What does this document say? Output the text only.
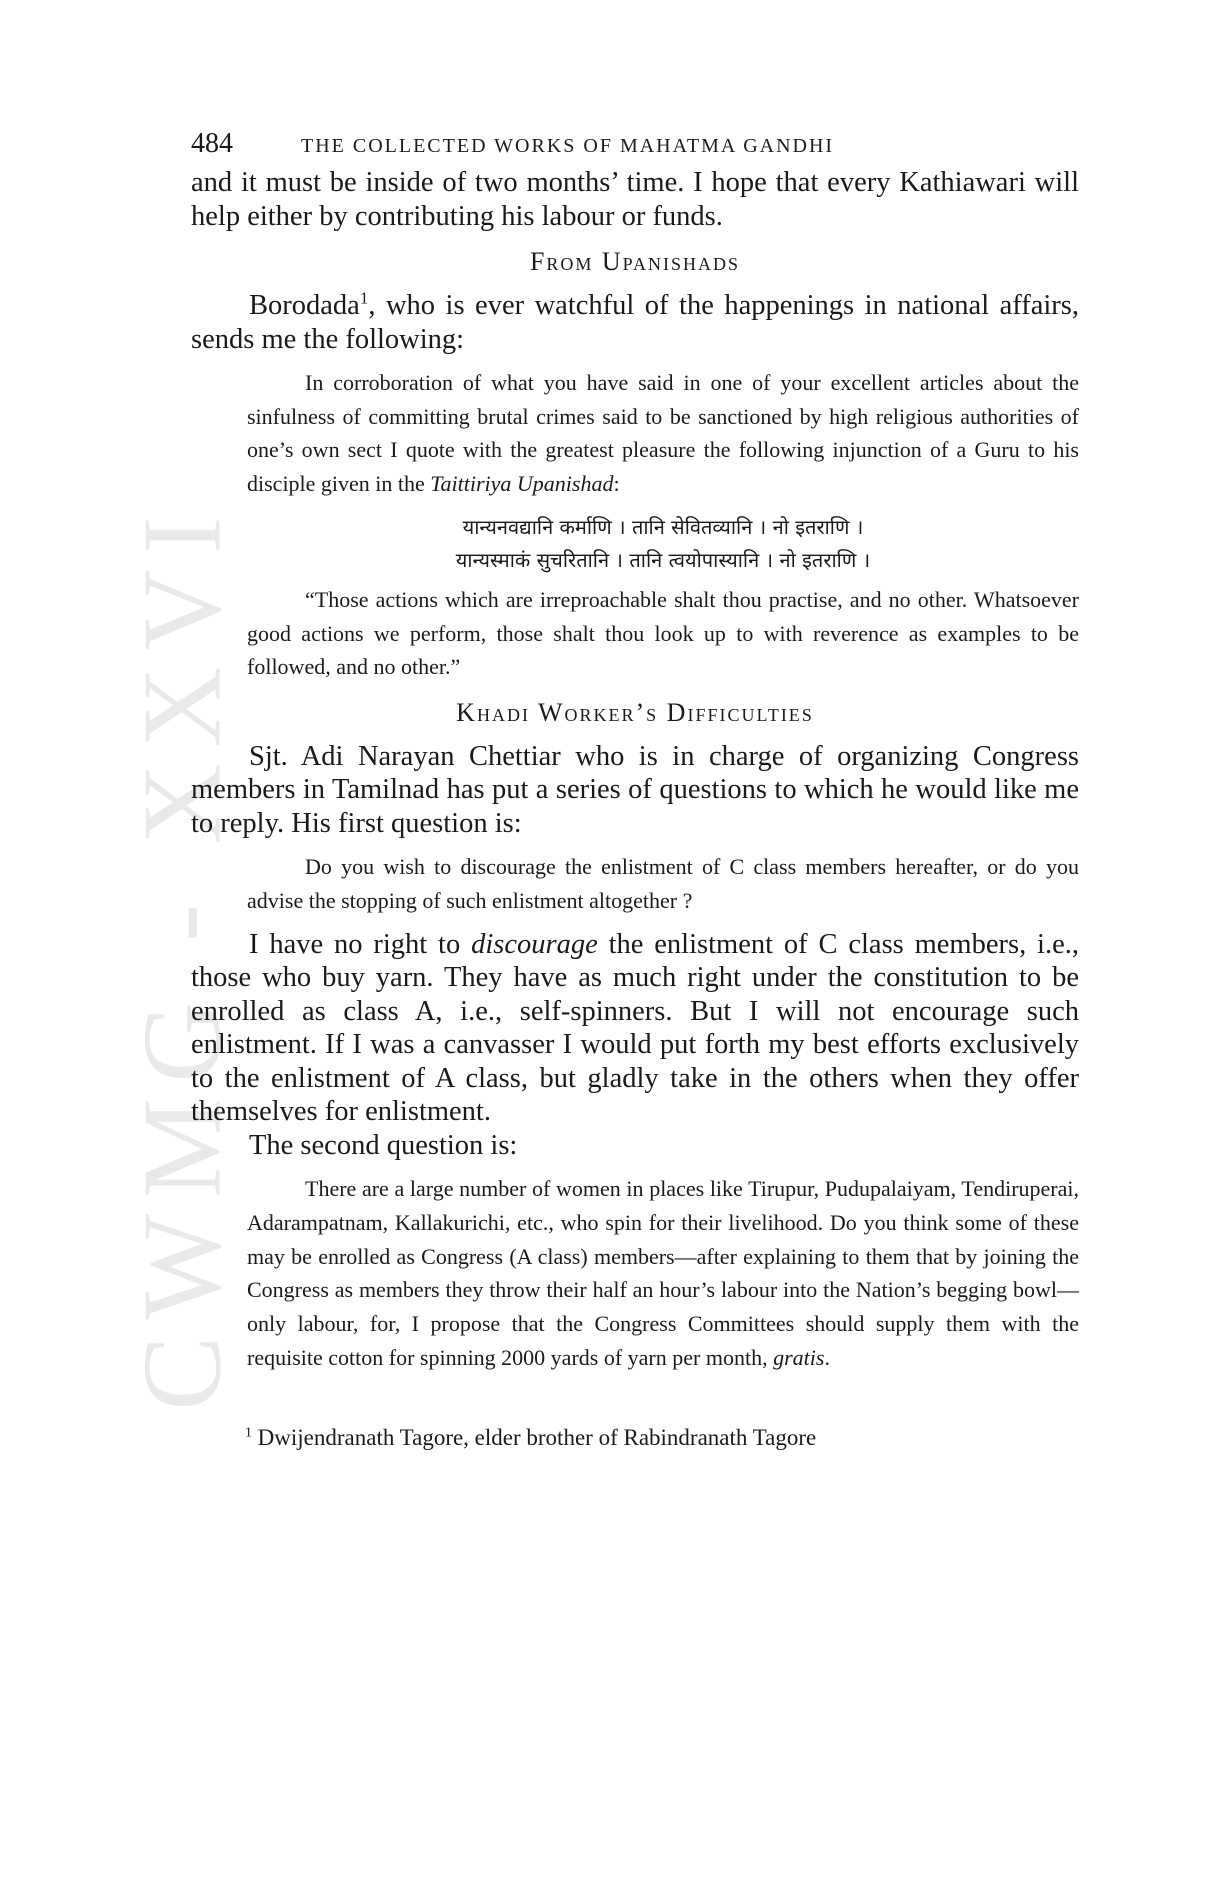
CWMG - XXVI
484	THE COLLECTED WORKS OF MAHATMA GANDHI

and it must be inside of two months’ time. I hope that every Kathiawari will help either by contributing his labour or funds.

From Upanishads

Borodada$^1$, who is ever watchful of the happenings in national affairs, sends me the following:

In corroboration of what you have said in one of your excellent articles about the sinfulness of committing brutal crimes said to be sanctioned by high religious authorities of one’s own sect I quote with the greatest pleasure the following injunction of a Guru to his disciple given in the Taittiriya Upanishad:

यान्यनवद्यानि कर्माणि । तानि सेवितव्यानि । नो इतराणि ।
यान्यस्माकं सुचरितानि । तानि त्वयोपास्यानि । नो इतराणि ।

“Those actions which are irreproachable shalt thou practise, and no other. Whatsoever good actions we perform, those shalt thou look up to with reverence as examples to be followed, and no other.”

Khadi Worker’s Difficulties

Sjt. Adi Narayan Chettiar who is in charge of organizing Congress members in Tamilnad has put a series of questions to which he would like me to reply. His first question is:

Do you wish to discourage the enlistment of C class members hereafter, or do you advise the stopping of such enlistment altogether ?

I have no right to discourage the enlistment of C class members, i.e., those who buy yarn. They have as much right under the constitution to be enrolled as class A, i.e., self-spinners. But I will not encourage such enlistment. If I was a canvasser I would put forth my best efforts exclusively to the enlistment of A class, but gladly take in the others when they offer themselves for enlistment.

The second question is:

There are a large number of women in places like Tirupur, Pudupalaiyam, Tendiruperai, Adarampatnam, Kallakurichi, etc., who spin for their livelihood. Do you think some of these may be enrolled as Congress (A class) members—after explaining to them that by joining the Congress as members they throw their half an hour’s labour into the Nation’s begging bowl—only labour, for, I propose that the Congress Committees should supply them with the requisite cotton for spinning 2000 yards of yarn per month, gratis.

$^1$ Dwijendranath Tagore, elder brother of Rabindranath Tagore
